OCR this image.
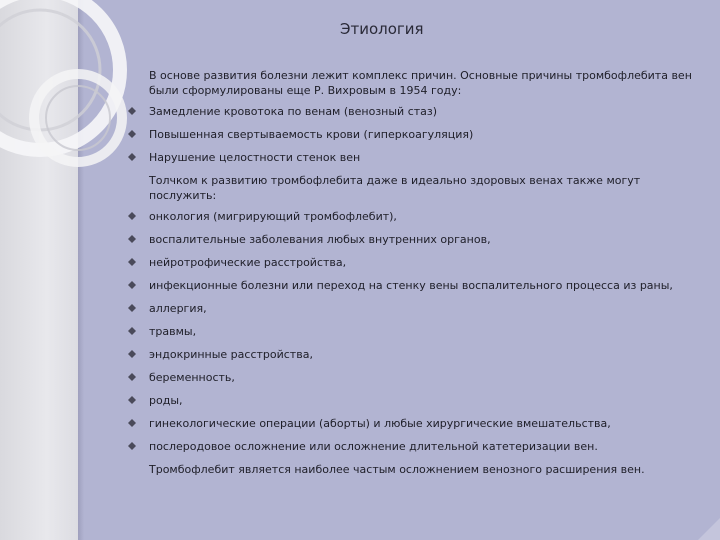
Этиология

В основе развития болезни лежит комплекс причин. Основные причины тромбофлебита вен были сформулированы еще Р. Вихровым в 1954 году:

Замедление кровотока по венам (венозный стаз)
Повышенная свертываемость крови (гиперкоагуляция)
Нарушение целостности стенок вен

Толчком к развитию тромбофлебита даже в идеально здоровых венах также могут послужить:

онкология (мигрирующий тромбофлебит),
воспалительные заболевания любых внутренних органов,
нейротрофические расстройства,
инфекционные болезни или переход на стенку вены воспалительного процесса из раны,
аллергия,
травмы,
эндокринные расстройства,
беременность,
роды,
гинекологические операции (аборты) и любые хирургические вмешательства,
послеродовое осложнение или осложнение длительной катетеризации вен.

Тромбофлебит является наиболее частым осложнением венозного расширения вен.
